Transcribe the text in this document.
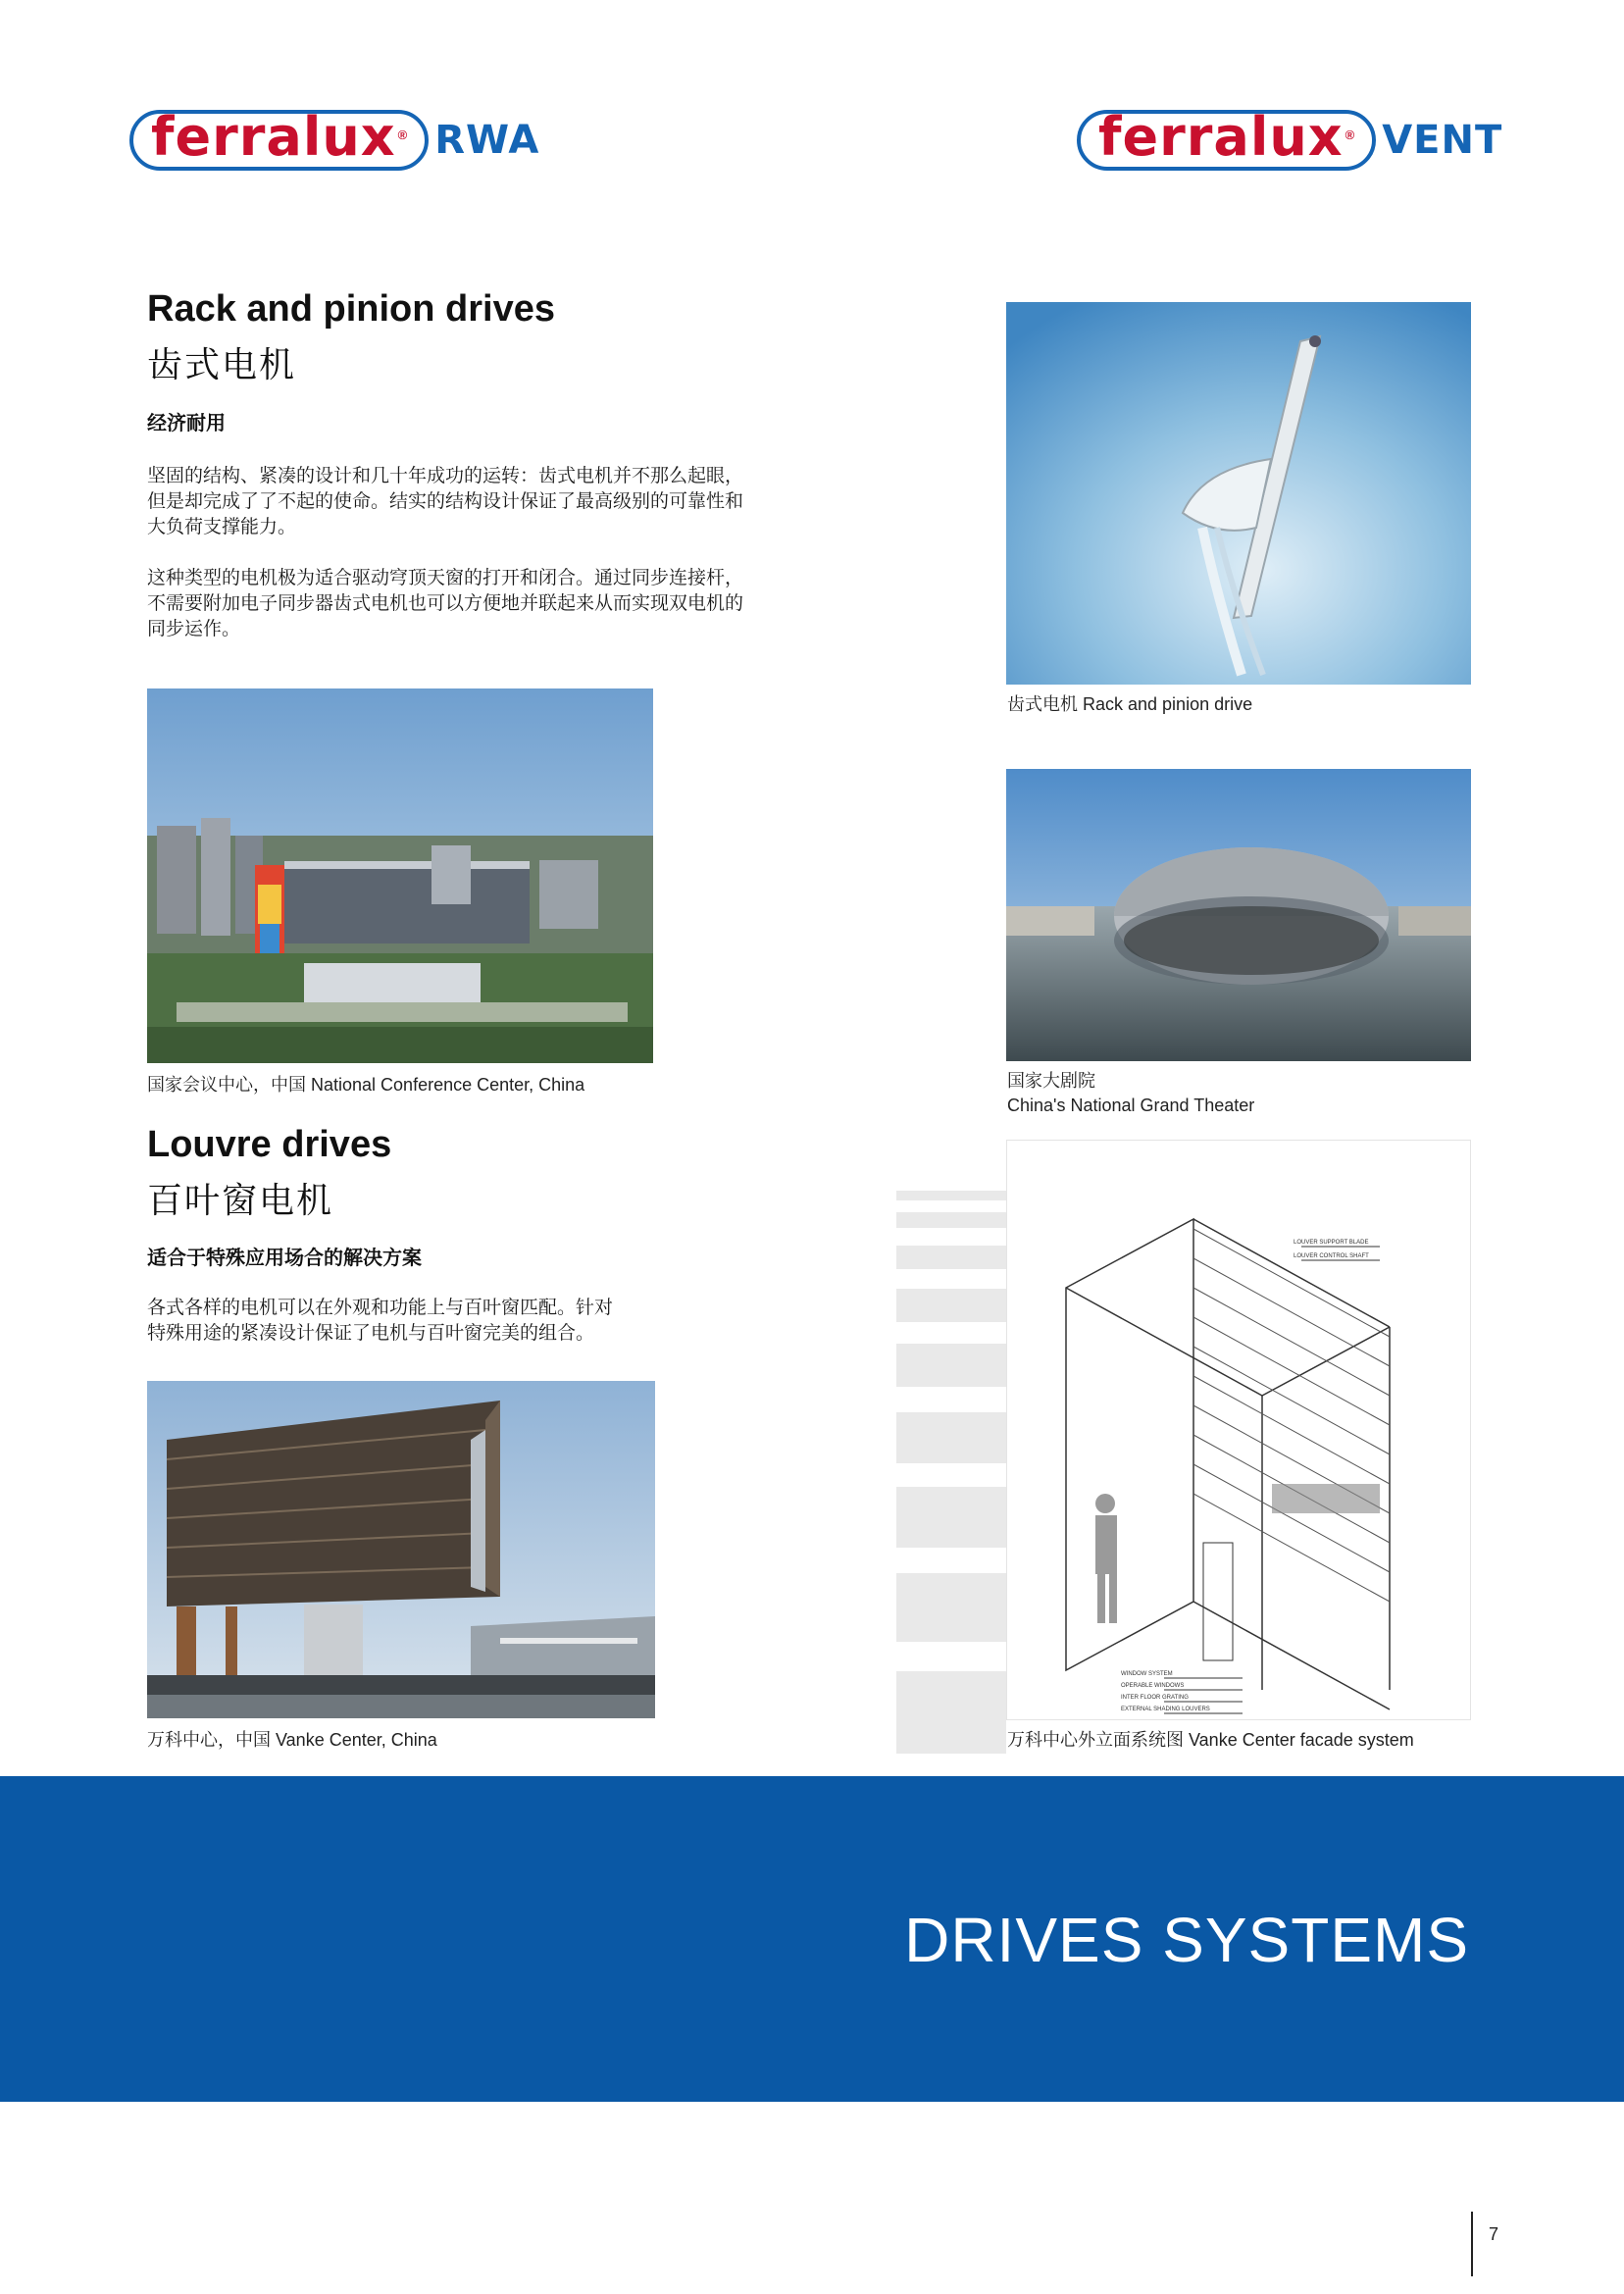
ferralux ® RWA	ferralux ® VENT
Rack and pinion drives
齿式电机
经济耐用
坚固的结构、紧凑的设计和几十年成功的运转：齿式电机并不那么起眼，
但是却完成了了不起的使命。结实的结构设计保证了最高级别的可靠性和
大负荷支撑能力。
这种类型的电机极为适合驱动穹顶天窗的打开和闭合。通过同步连接杆，
不需要附加电子同步器齿式电机也可以方便地并联起来从而实现双电机的
同步运作。
国家会议中心，中国 National Conference Center, China
Louvre drives
百叶窗电机
适合于特殊应用场合的解决方案
各式各样的电机可以在外观和功能上与百叶窗匹配。针对
特殊用途的紧凑设计保证了电机与百叶窗完美的组合。
万科中心，中国 Vanke Center, China
齿式电机 Rack and pinion drive
国家大剧院
China's National Grand Theater
LOUVER SUPPORT BLADE
LOUVER CONTROL SHAFT
WINDOW SYSTEM
OPERABLE WINDOWS
INTER FLOOR GRATING
EXTERNAL SHADING LOUVERS
万科中心外立面系统图 Vanke Center facade system
DRIVES SYSTEMS
7
